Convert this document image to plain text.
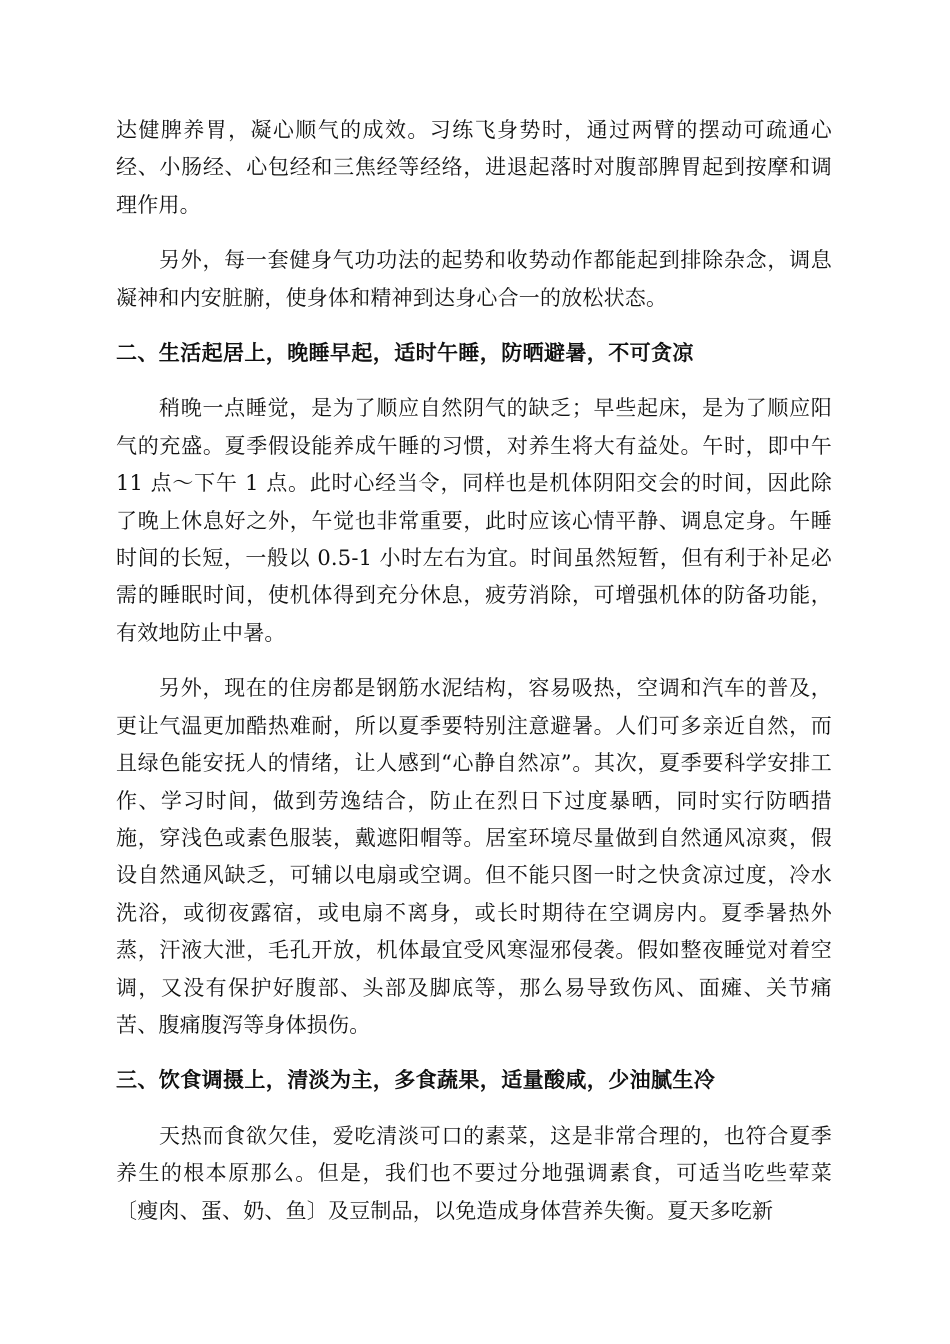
达健脾养胃，凝心顺气的成效。习练飞身势时，通过两臂的摆动可疏通心经、小肠经、心包经和三焦经等经络，进退起落时对腹部脾胃起到按摩和调理作用。

另外，每一套健身气功功法的起势和收势动作都能起到排除杂念，调息凝神和内安脏腑，使身体和精神到达身心合一的放松状态。

二、生活起居上，晚睡早起，适时午睡，防晒避暑，不可贪凉

稍晚一点睡觉，是为了顺应自然阴气的缺乏；早些起床，是为了顺应阳气的充盛。夏季假设能养成午睡的习惯，对养生将大有益处。午时，即中午 11 点～下午 1 点。此时心经当令，同样也是机体阴阳交会的时间，因此除了晚上休息好之外，午觉也非常重要，此时应该心情平静、调息定身。午睡时间的长短，一般以 0.5-1 小时左右为宜。时间虽然短暂，但有利于补足必需的睡眠时间，使机体得到充分休息，疲劳消除，可增强机体的防备功能，有效地防止中暑。

另外，现在的住房都是钢筋水泥结构，容易吸热，空调和汽车的普及，更让气温更加酷热难耐，所以夏季要特别注意避暑。人们可多亲近自然，而且绿色能安抚人的情绪，让人感到“心静自然凉”。其次，夏季要科学安排工作、学习时间，做到劳逸结合，防止在烈日下过度暴晒，同时实行防晒措施，穿浅色或素色服装，戴遮阳帽等。居室环境尽量做到自然通风凉爽，假设自然通风缺乏，可辅以电扇或空调。但不能只图一时之快贪凉过度，冷水洗浴，或彻夜露宿，或电扇不离身，或长时期待在空调房内。夏季暑热外蒸，汗液大泄，毛孔开放，机体最宜受风寒湿邪侵袭。假如整夜睡觉对着空调，又没有保护好腹部、头部及脚底等，那么易导致伤风、面瘫、关节痛苦、腹痛腹泻等身体损伤。

三、饮食调摄上，清淡为主，多食蔬果，适量酸咸，少油腻生冷

天热而食欲欠佳，爱吃清淡可口的素菜，这是非常合理的，也符合夏季养生的根本原那么。但是，我们也不要过分地强调素食，可适当吃些荤菜〔瘦肉、蛋、奶、鱼〕及豆制品，以免造成身体营养失衡。夏天多吃新
